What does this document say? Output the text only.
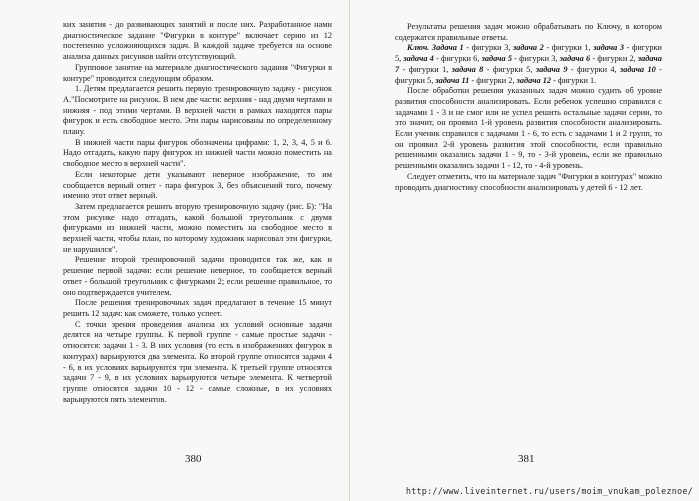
ких занятия - до развивающих занятий и после них. Разработанное нами диагностическое задание "Фигурки в контуре" включает серию из 12 постепенно усложняющихся задач. В каждой задаче требуется на основе анализа данных рисунков найти отсутствующий.

Групповое занятие на материале диагностического задания "Фигурки в контуре" проводится следующим образом.

1. Детям предлагается решить первую тренировочную задачу - рисунок А."Посмотрите на рисунок. В нем две части: верхняя - над двумя чертами и нижняя - под этими чертами. В верхней части в рамках находятся пары фигурок и есть свободное место. Эти пары нарисованы по определенному плану.

В нижней части пары фигурок обозначены цифрами: 1, 2, 3, 4, 5 и 6. Надо отгадать, какую пару фигурок из нижней части можно поместить на свободное место в верхней части".

Если некоторые дети указывают неверное изображение, то им сообщается верный ответ - пара фигурок 3, без объяснений того, почему именно этот ответ верный.

Затем предлагается решить вторую тренировочную задачу (рис. Б): "На этом рисунке надо отгадать, какой большой треугольник с двумя фигурками из нижней части, можно поместить на свободное место в верхней части, чтобы план, по которому художник нарисовал эти фигурки, не нарушился".

Решение второй тренировочной задачи проводится так же, как и решение первой задачи: если решение неверное, то сообщается верный ответ - большой треугольник с фигурками 2; если решение правильное, то оно подтверждается учителем.

После решения тренировочных задач предлагают в течение 15 минут решить 12 задач: как сможете, только успеет.

С точки зрения проведения анализа их условий основные задачи делятся на четыре группы. К первой группе - самые простые задачи - относятся: задачи 1 - 3. В них условия (то есть в изображениях фигурок в контурах) варьируются два элемента. Ко второй группе относятся задачи 4 - 6, в их условиях варьируются три элемента. К третьей группе относятся задачи 7 - 9, в их условиях варьируются четыре элемента. К четвертой группе относятся задачи 10 - 12 - самые сложные, в их условиях варьируются пять элементов.

380

Результаты решения задач можно обрабатывать по Ключу, в котором содержатся правильные ответы.

Ключ. Задача 1 - фигурки 3, задача 2 - фигурки 1, задача 3 - фигурки 5, задача 4 - фигурки 6, задача 5 - фигурки 3, задача 6 - фигурки 2, задача 7 - фигурки 1, задача 8 - фигурки 5, задача 9 - фигурки 4, задача 10 - фигурки 5, задача 11 - фигурки 2, задача 12 - фигурки 1.

После обработки решения указанных задач можно судить об уровне развития способности анализировать. Если ребенок успешно справился с задачами 1 - 3 и не смог или не успел решить остальные задачи серии, то это значит, он проявил 1-й уровень развития способности анализировать. Если ученик справился с задачами 1 - 6, то есть с задачами 1 и 2 групп, то он проявил 2-й уровень развития этой способности, если правильно решенными оказались задачи 1 - 9, то - 3-й уровень, если же правильно решенными оказались задачи 1 - 12, то - 4-й уровень.

Следует отметить, что на материале задач "Фигурки в контурах" можно проводить диагностику способности анализировать у детей 6 - 12 лет.

381
http://www.liveinternet.ru/users/moim_vnukam_poleznoe/
